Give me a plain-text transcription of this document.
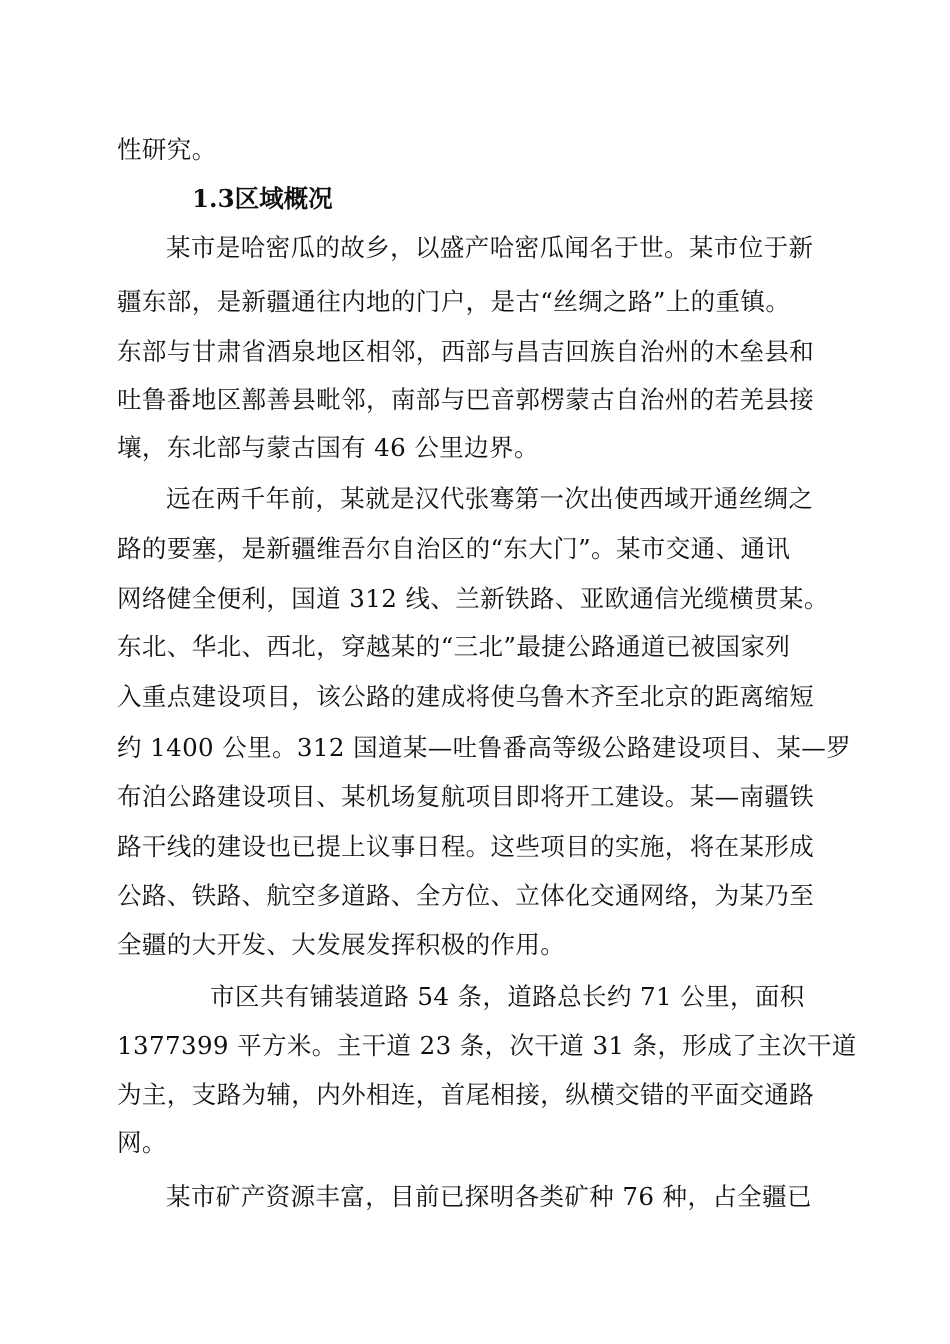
性研究。
1.3区域概况
某市是哈密瓜的故乡，以盛产哈密瓜闻名于世。某市位于新
疆东部，是新疆通往内地的门户，是古“丝绸之路”上的重镇。
东部与甘肃省酒泉地区相邻，西部与昌吉回族自治州的木垒县和
吐鲁番地区鄯善县毗邻，南部与巴音郭楞蒙古自治州的若羌县接
壤，东北部与蒙古国有 46 公里边界。
远在两千年前，某就是汉代张骞第一次出使西域开通丝绸之
路的要塞，是新疆维吾尔自治区的“东大门”。某市交通、通讯
网络健全便利，国道 312 线、兰新铁路、亚欧通信光缆横贯某。
东北、华北、西北，穿越某的“三北”最捷公路通道已被国家列
入重点建设项目，该公路的建成将使乌鲁木齐至北京的距离缩短
约 1400 公里。312 国道某—吐鲁番高等级公路建设项目、某—罗
布泊公路建设项目、某机场复航项目即将开工建设。某—南疆铁
路干线的建设也已提上议事日程。这些项目的实施，将在某形成
公路、铁路、航空多道路、全方位、立体化交通网络，为某乃至
全疆的大开发、大发展发挥积极的作用。
市区共有铺装道路 54 条，道路总长约 71 公里，面积
1377399 平方米。主干道 23 条，次干道 31 条，形成了主次干道
为主，支路为辅，内外相连，首尾相接，纵横交错的平面交通路
网。
某市矿产资源丰富，目前已探明各类矿种 76 种，占全疆已
